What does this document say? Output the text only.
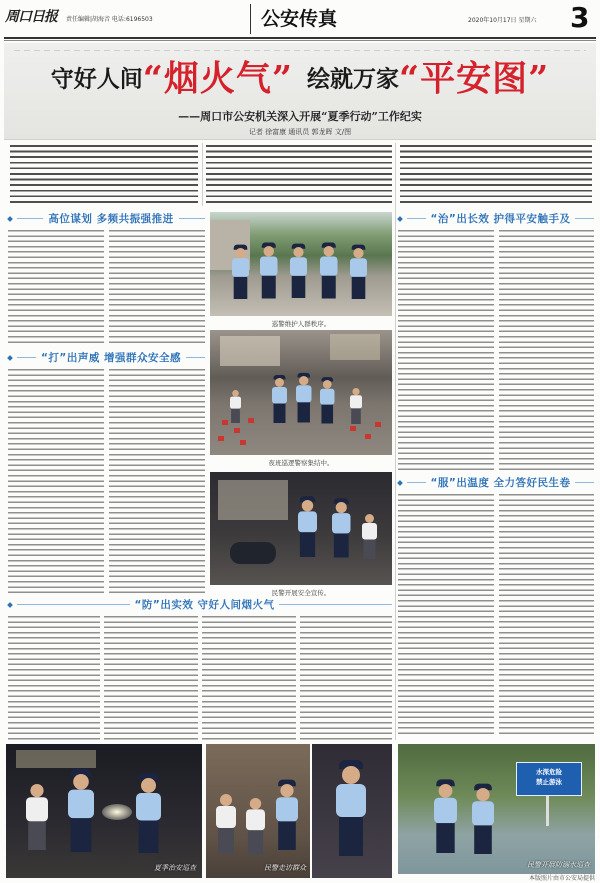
周口日报 责任编辑|胡海音 电话:6196503	公安传真	2020年10月17日 星期六 3
守好人间“烟火气” 绘就万家“平安图”
——周口市公安机关深入开展“夏季行动”工作纪实
记者 徐富康 通讯员 郭龙晖 文/图
高位谋划 多频共振强推进
“打”出声威 增强群众安全感
巡警维护人群秩序。
夜班巡逻警察集结中。
民警开展安全宣传。
“防”出实效 守好人间烟火气
夏季治安巡查	民警走访群众
“治”出长效 护得平安触手及
“服”出温度 全力答好民生卷
水深危险
禁止游泳
民警开展防溺水巡查
本版照片由市公安局提供
